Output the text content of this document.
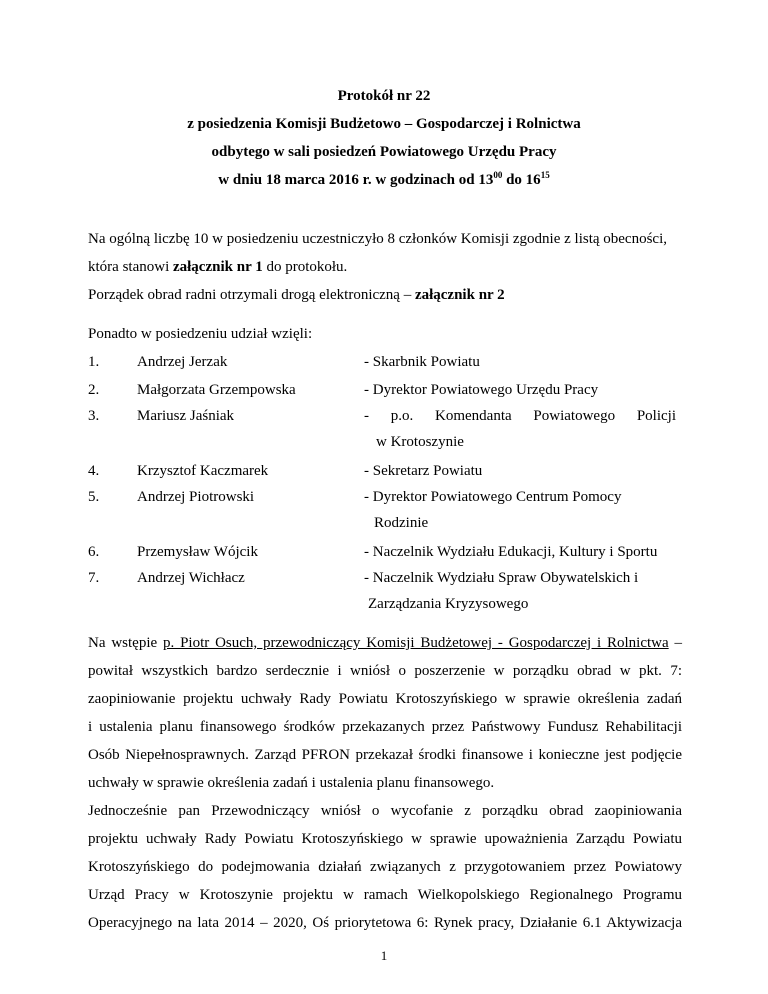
Protokół nr 22
z posiedzenia Komisji Budżetowo – Gospodarczej i Rolnictwa
odbytego w sali posiedzeń Powiatowego Urzędu Pracy
w dniu 18 marca 2016 r. w godzinach od $13^{00}$ do $16^{15}$
Na ogólną liczbę 10 w posiedzeniu uczestniczyło 8 członków Komisji zgodnie z listą obecności,
która stanowi załącznik nr 1 do protokołu.
Porządek obrad radni otrzymali drogą elektroniczną – załącznik nr 2
Ponadto w posiedzeniu udział wzięli:
1.	Andrzej Jerzak	- Skarbnik Powiatu
2.	Małgorzata Grzempowska	- Dyrektor Powiatowego Urzędu Pracy
3.	Mariusz Jaśniak	- p.o. Komendanta Powiatowego Policji
w Krotoszynie
4.	Krzysztof Kaczmarek	- Sekretarz Powiatu
5.	Andrzej Piotrowski	- Dyrektor Powiatowego Centrum Pomocy
Rodzinie
6.	Przemysław Wójcik	- Naczelnik Wydziału Edukacji, Kultury i Sportu
7.	Andrzej Wichłacz	- Naczelnik Wydziału Spraw Obywatelskich i
Zarządzania Kryzysowego
Na wstępie p. Piotr Osuch, przewodniczący Komisji Budżetowej - Gospodarczej i Rolnictwa –
powitał wszystkich bardzo serdecznie i wniósł o poszerzenie w porządku obrad w pkt. 7:
zaopiniowanie projektu uchwały Rady Powiatu Krotoszyńskiego w sprawie określenia zadań
i ustalenia planu finansowego środków przekazanych przez Państwowy Fundusz Rehabilitacji
Osób Niepełnosprawnych. Zarząd PFRON przekazał środki finansowe i konieczne jest podjęcie
uchwały w sprawie określenia zadań i ustalenia planu finansowego.
Jednocześnie pan Przewodniczący wniósł o wycofanie z porządku obrad zaopiniowania
projektu uchwały Rady Powiatu Krotoszyńskiego w sprawie upoważnienia Zarządu Powiatu
Krotoszyńskiego do podejmowania działań związanych z przygotowaniem przez Powiatowy
Urząd Pracy w Krotoszynie projektu w ramach Wielkopolskiego Regionalnego Programu
Operacyjnego na lata 2014 – 2020, Oś priorytetowa 6: Rynek pracy, Działanie 6.1 Aktywizacja
1
